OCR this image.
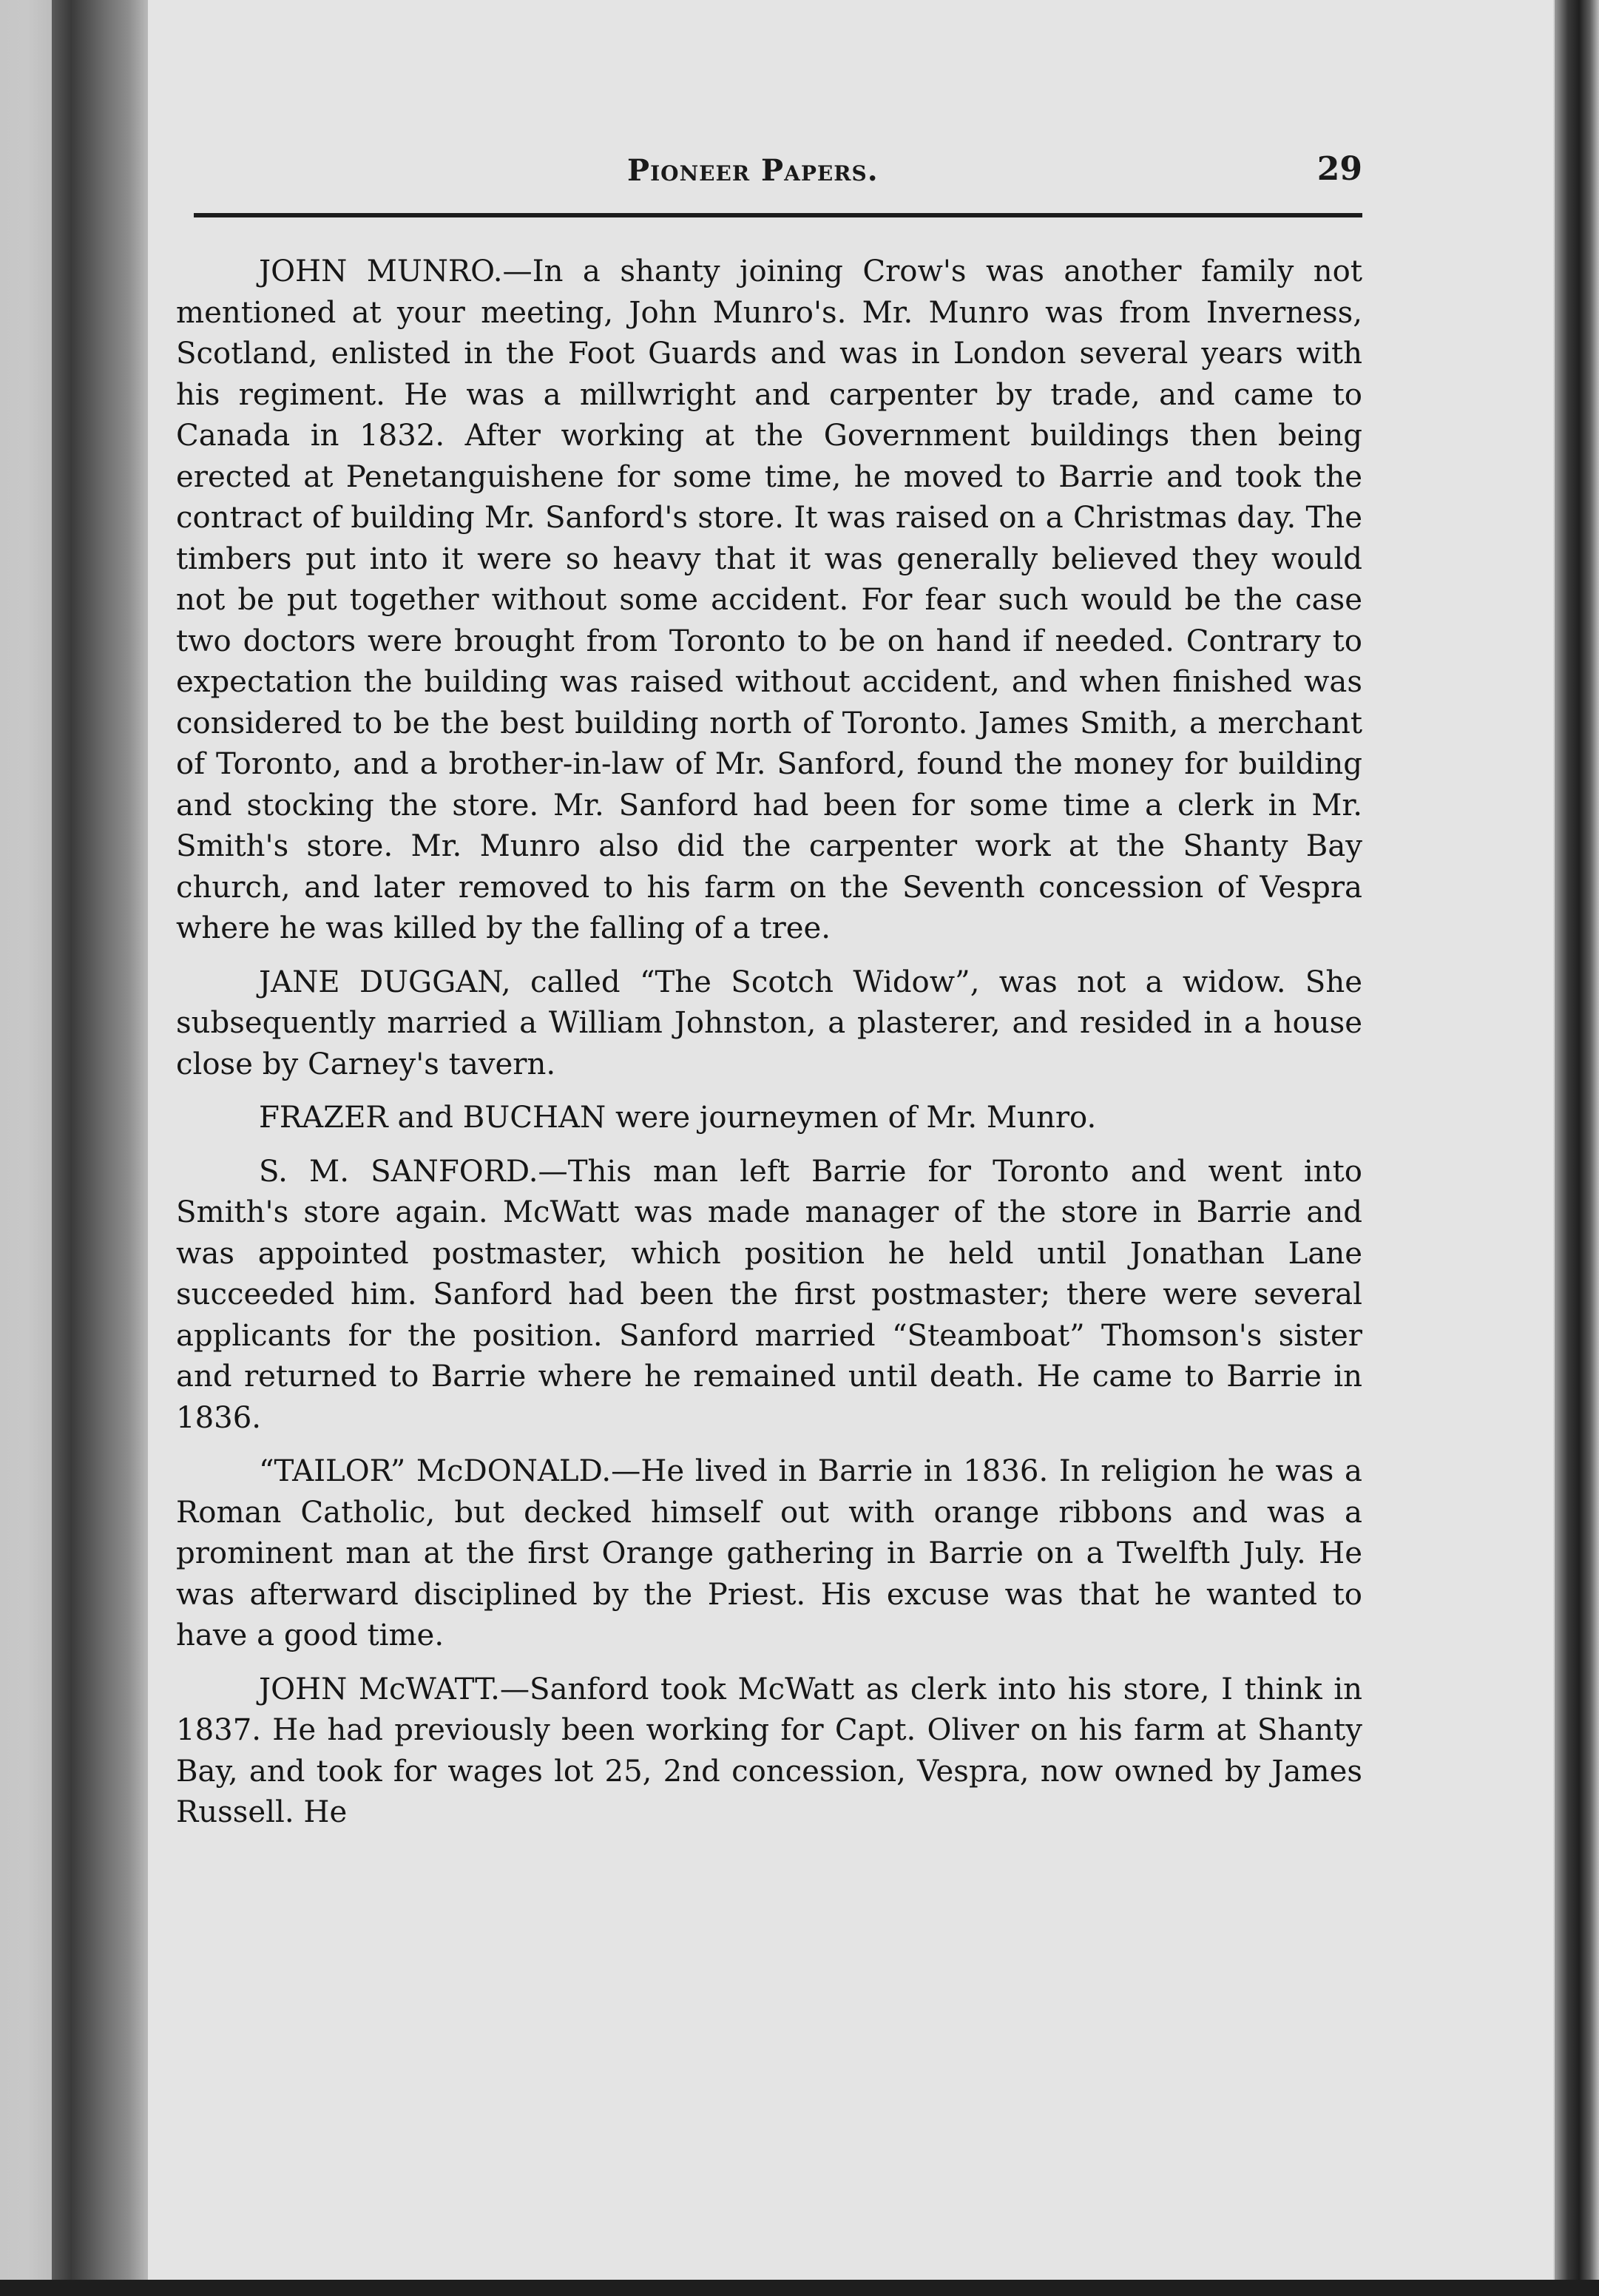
Pioneer Papers.	29

JOHN MUNRO.—In a shanty joining Crow's was another family not mentioned at your meeting, John Munro's. Mr. Munro was from Inverness, Scotland, enlisted in the Foot Guards and was in London several years with his regiment. He was a millwright and carpenter by trade, and came to Canada in 1832. After working at the Government buildings then being erected at Penetanguishene for some time, he moved to Barrie and took the contract of building Mr. Sanford's store. It was raised on a Christmas day. The timbers put into it were so heavy that it was generally believed they would not be put together without some accident. For fear such would be the case two doctors were brought from Toronto to be on hand if needed. Contrary to expectation the building was raised without accident, and when finished was considered to be the best building north of Toronto. James Smith, a merchant of Toronto, and a brother-in-law of Mr. Sanford, found the money for building and stocking the store. Mr. Sanford had been for some time a clerk in Mr. Smith's store. Mr. Munro also did the carpenter work at the Shanty Bay church, and later removed to his farm on the Seventh concession of Vespra where he was killed by the falling of a tree.

JANE DUGGAN, called “The Scotch Widow”, was not a widow. She subsequently married a William Johnston, a plasterer, and resided in a house close by Carney's tavern.

FRAZER and BUCHAN were journeymen of Mr. Munro.

S. M. SANFORD.—This man left Barrie for Toronto and went into Smith's store again. McWatt was made manager of the store in Barrie and was appointed postmaster, which position he held until Jonathan Lane succeeded him. Sanford had been the first postmaster; there were several applicants for the position. Sanford married “Steamboat” Thomson's sister and returned to Barrie where he remained until death. He came to Barrie in 1836.

“TAILOR” McDONALD.—He lived in Barrie in 1836. In religion he was a Roman Catholic, but decked himself out with orange ribbons and was a prominent man at the first Orange gathering in Barrie on a Twelfth July. He was afterward disciplined by the Priest. His excuse was that he wanted to have a good time.

JOHN McWATT.—Sanford took McWatt as clerk into his store, I think in 1837. He had previously been working for Capt. Oliver on his farm at Shanty Bay, and took for wages lot 25, 2nd concession, Vespra, now owned by James Russell. He
